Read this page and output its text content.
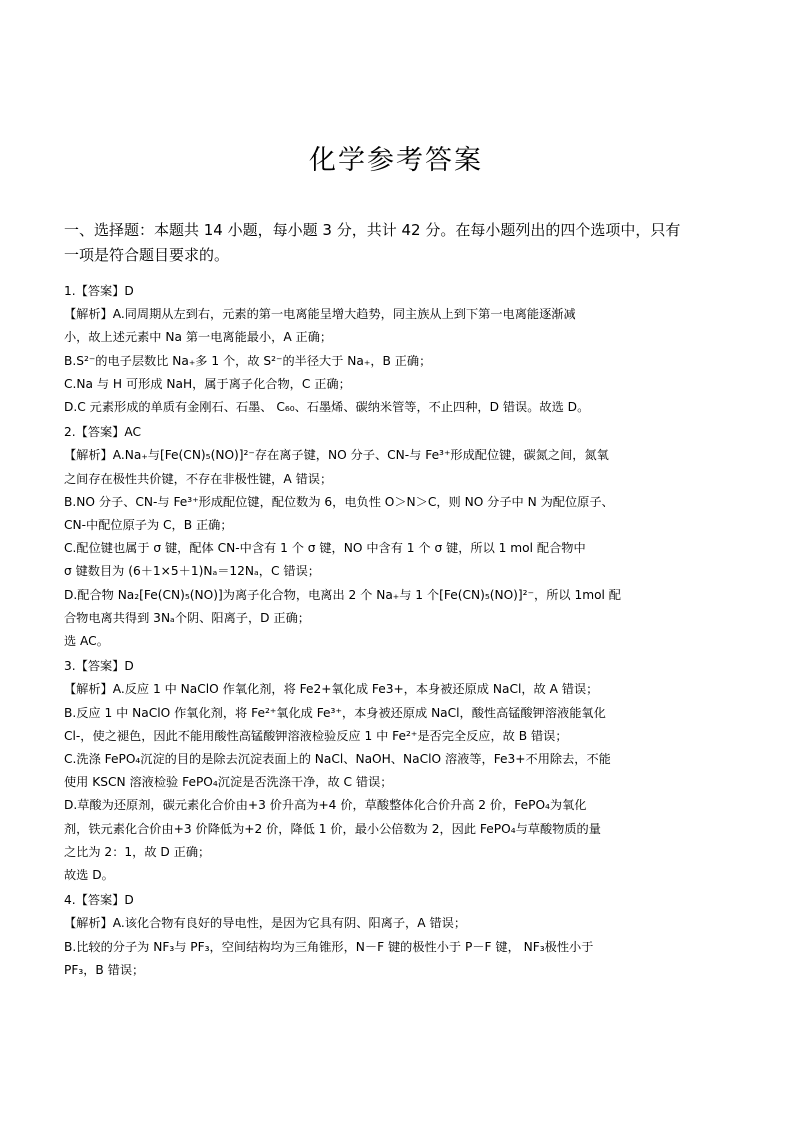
化学参考答案
一、选择题：本题共 14 小题，每小题 3 分，共计 42 分。在每小题列出的四个选项中，只有
一项是符合题目要求的。

1.【答案】D

【解析】A.同周期从左到右，元素的第一电离能呈增大趋势，同主族从上到下第一电离能逐渐减

小，故上述元素中 Na 第一电离能最小，A 正确；

B.S²⁻的电子层数比 Na₊多 1 个，故 S²⁻的半径大于 Na₊，B 正确；

C.Na 与 H 可形成 NaH，属于离子化合物，C 正确；

D.C 元素形成的单质有金刚石、石墨、 C₆₀、石墨烯、碳纳米管等，不止四种，D 错误。故选 D。

2.【答案】AC

【解析】A.Na₊与[Fe(CN)₅(NO)]²⁻存在离子键，NO 分子、CN-与 Fe³⁺形成配位键，碳氮之间，氮氧

之间存在极性共价键，不存在非极性键，A 错误；

B.NO 分子、CN-与 Fe³⁺形成配位键，配位数为 6，电负性 O＞N＞C，则 NO 分子中 N 为配位原子、

CN-中配位原子为 C，B 正确；

C.配位键也属于 σ 键，配体 CN-中含有 1 个 σ 键，NO 中含有 1 个 σ 键，所以 1 mol 配合物中

σ 键数目为 (6＋1×5＋1)Nₐ＝12Nₐ，C 错误；

D.配合物 Na₂[Fe(CN)₅(NO)]为离子化合物，电离出 2 个 Na₊与 1 个[Fe(CN)₅(NO)]²⁻，所以 1mol 配

合物电离共得到 3Nₐ个阴、阳离子，D 正确；

选 AC。

3.【答案】D

【解析】A.反应 1 中 NaClO 作氧化剂，将 Fe2+氧化成 Fe3+，本身被还原成 NaCl，故 A 错误；

B.反应 1 中 NaClO 作氧化剂，将 Fe²⁺氧化成 Fe³⁺，本身被还原成 NaCl，酸性高锰酸钾溶液能氧化

Cl-，使之褪色，因此不能用酸性高锰酸钾溶液检验反应 1 中 Fe²⁺是否完全反应，故 B 错误；

C.洗涤 FePO₄沉淀的目的是除去沉淀表面上的 NaCl、NaOH、NaClO 溶液等，Fe3+不用除去，不能

使用 KSCN 溶液检验 FePO₄沉淀是否洗涤干净，故 C 错误；

D.草酸为还原剂，碳元素化合价由+3 价升高为+4 价，草酸整体化合价升高 2 价，FePO₄为氧化

剂，铁元素化合价由+3 价降低为+2 价，降低 1 价，最小公倍数为 2，因此 FePO₄与草酸物质的量

之比为 2：1，故 D 正确；

故选 D。

4.【答案】D

【解析】A.该化合物有良好的导电性，是因为它具有阴、阳离子，A 错误；

B.比较的分子为 NF₃与 PF₃，空间结构均为三角锥形，N－F 键的极性小于 P－F 键， NF₃极性小于

PF₃，B 错误；
